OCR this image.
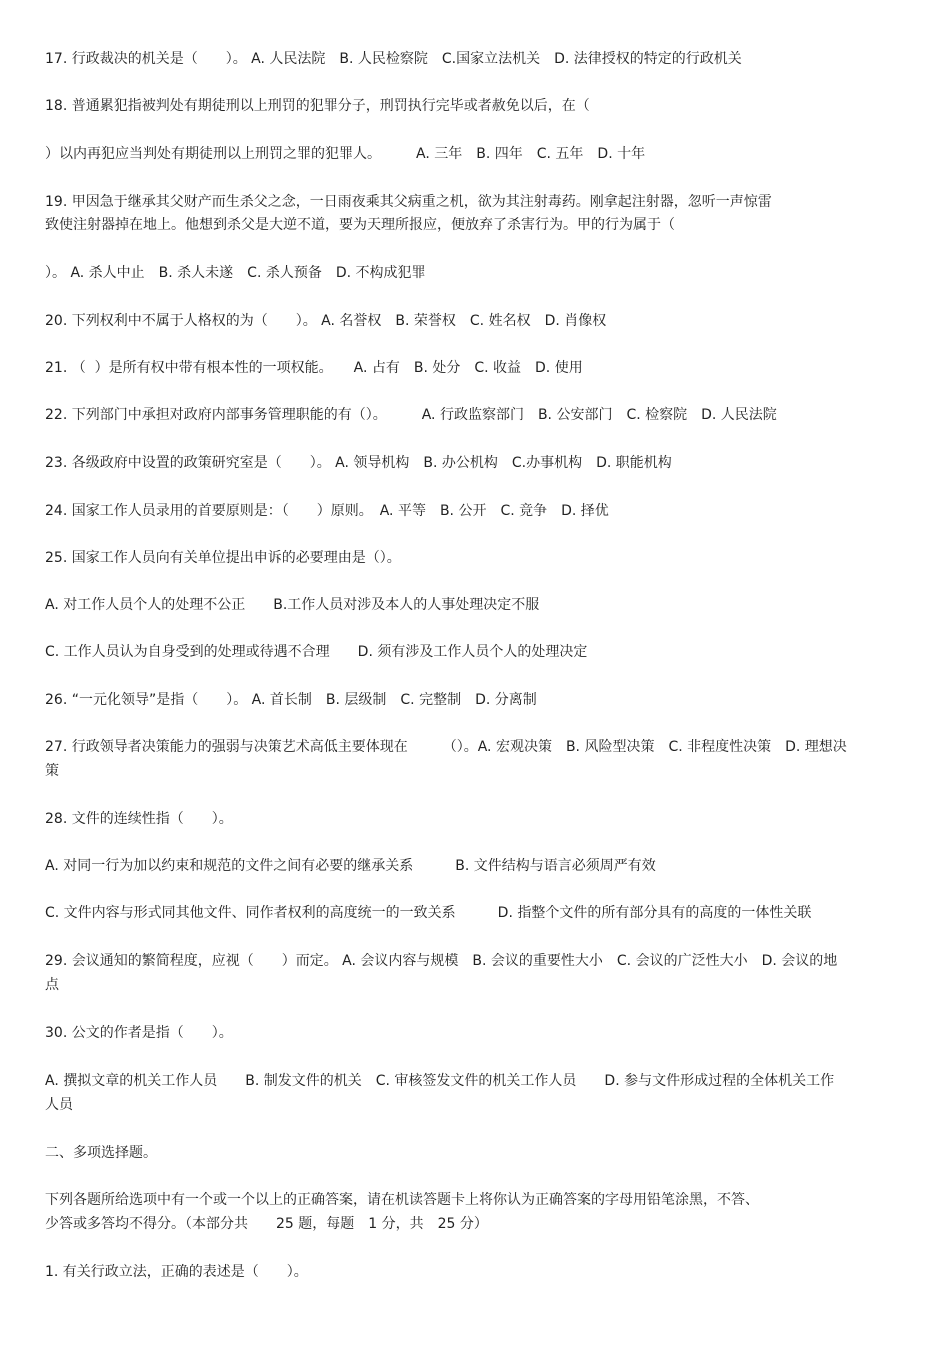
17. 行政裁决的机关是（　　）。 A. 人民法院　B. 人民检察院　C.国家立法机关　D. 法律授权的特定的行政机关

18. 普通累犯指被判处有期徒刑以上刑罚的犯罪分子，刑罚执行完毕或者赦免以后，在（

）以内再犯应当判处有期徒刑以上刑罚之罪的犯罪人。　　　A. 三年　B. 四年　C. 五年　D. 十年

19. 甲因急于继承其父财产而生杀父之念，一日雨夜乘其父病重之机，欲为其注射毒药。刚拿起注射器，忽听一声惊雷

致使注射器掉在地上。他想到杀父是大逆不道，要为天理所报应，便放弃了杀害行为。甲的行为属于（

）。 A. 杀人中止　B. 杀人未遂　C. 杀人预备　D. 不构成犯罪

20. 下列权利中不属于人格权的为（　　）。 A. 名誉权　B. 荣誉权　C. 姓名权　D. 肖像权

21. （  ）是所有权中带有根本性的一项权能。　　A. 占有　B. 处分　C. 收益　D. 使用

22. 下列部门中承担对政府内部事务管理职能的有（）。　　　A. 行政监察部门　B. 公安部门　C. 检察院　D. 人民法院

23. 各级政府中设置的政策研究室是（　　）。 A. 领导机构　B. 办公机构　C.办事机构　D. 职能机构

24. 国家工作人员录用的首要原则是：（　　）原则。　A. 平等　B. 公开　C. 竞争　D. 择优

25. 国家工作人员向有关单位提出申诉的必要理由是（）。

A. 对工作人员个人的处理不公正　　B.工作人员对涉及本人的人事处理决定不服

C. 工作人员认为自身受到的处理或待遇不合理　　D. 须有涉及工作人员个人的处理决定

26. “一元化领导”是指（　　）。 A. 首长制　B. 层级制　C. 完整制　D. 分离制

27. 行政领导者决策能力的强弱与决策艺术高低主要体现在　　　（）。A. 宏观决策　B. 风险型决策　C. 非程度性决策　D. 理想决

策

28. 文件的连续性指（　　）。

A. 对同一行为加以约束和规范的文件之间有必要的继承关系　　　B. 文件结构与语言必须周严有效

C. 文件内容与形式同其他文件、同作者权利的高度统一的一致关系　　　D. 指整个文件的所有部分具有的高度的一体性关联

29. 会议通知的繁简程度，应视（　　）而定。 A. 会议内容与规模　B. 会议的重要性大小　C. 会议的广泛性大小　D. 会议的地

点

30. 公文的作者是指（　　）。

A. 撰拟文章的机关工作人员　　B. 制发文件的机关　C. 审核签发文件的机关工作人员　　D. 参与文件形成过程的全体机关工作

人员

二、多项选择题。

下列各题所给选项中有一个或一个以上的正确答案，请在机读答题卡上将你认为正确答案的字母用铅笔涂黑，不答、

少答或多答均不得分。（本部分共　　25 题，每题　1 分，共　25 分）

1. 有关行政立法，正确的表述是（　　）。
